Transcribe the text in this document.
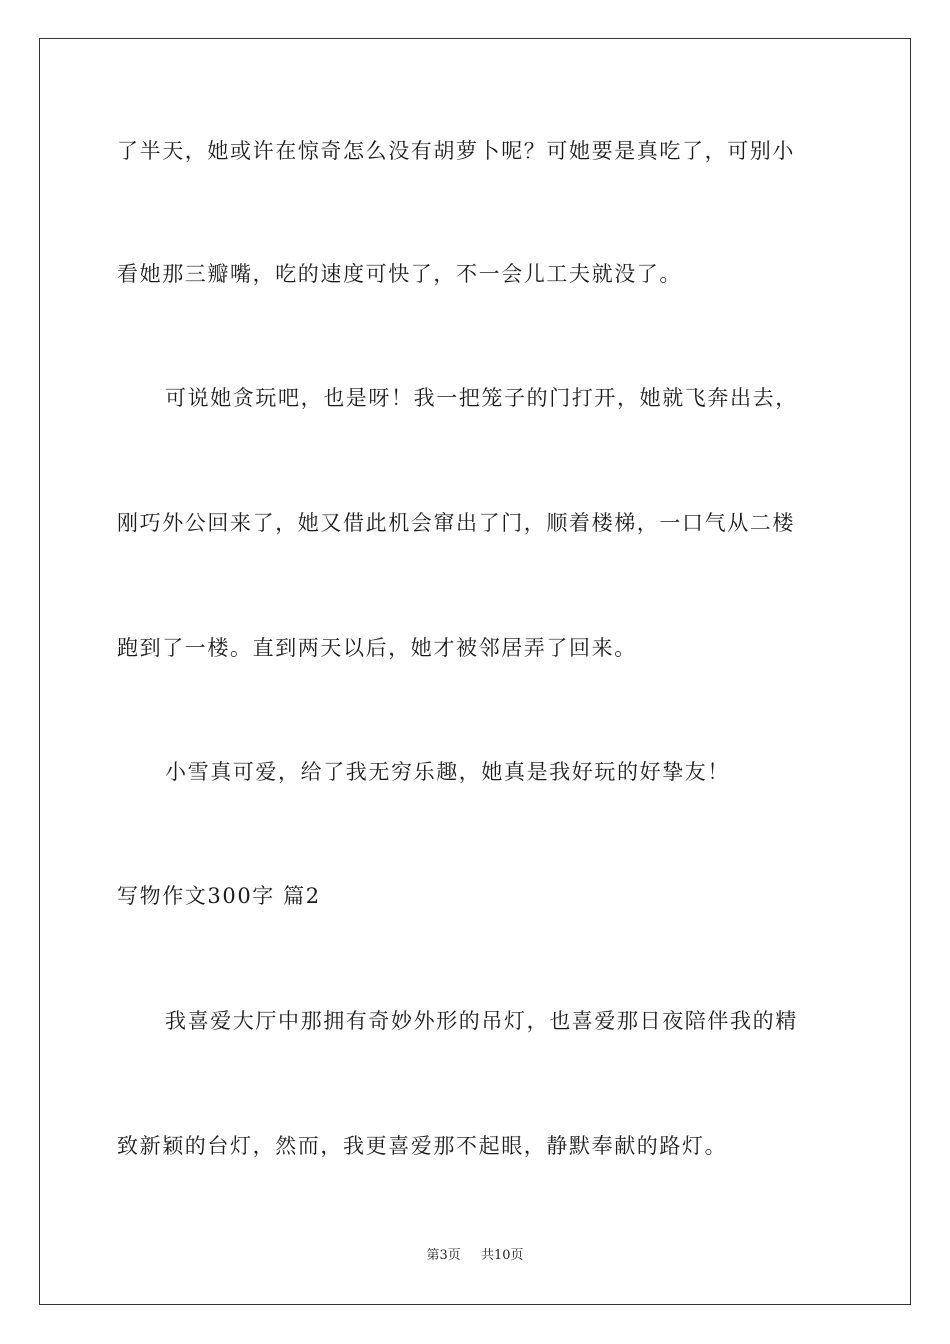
了半天，她或许在惊奇怎么没有胡萝卜呢？可她要是真吃了，可别小
看她那三瓣嘴，吃的速度可快了，不一会儿工夫就没了。
可说她贪玩吧，也是呀！我一把笼子的门打开，她就飞奔出去，
刚巧外公回来了，她又借此机会窜出了门，顺着楼梯，一口气从二楼
跑到了一楼。直到两天以后，她才被邻居弄了回来。
小雪真可爱，给了我无穷乐趣，她真是我好玩的好挚友！
写物作文300字 篇2
我喜爱大厅中那拥有奇妙外形的吊灯，也喜爱那日夜陪伴我的精
致新颖的台灯，然而，我更喜爱那不起眼，静默奉献的路灯。
第3页 共10页
